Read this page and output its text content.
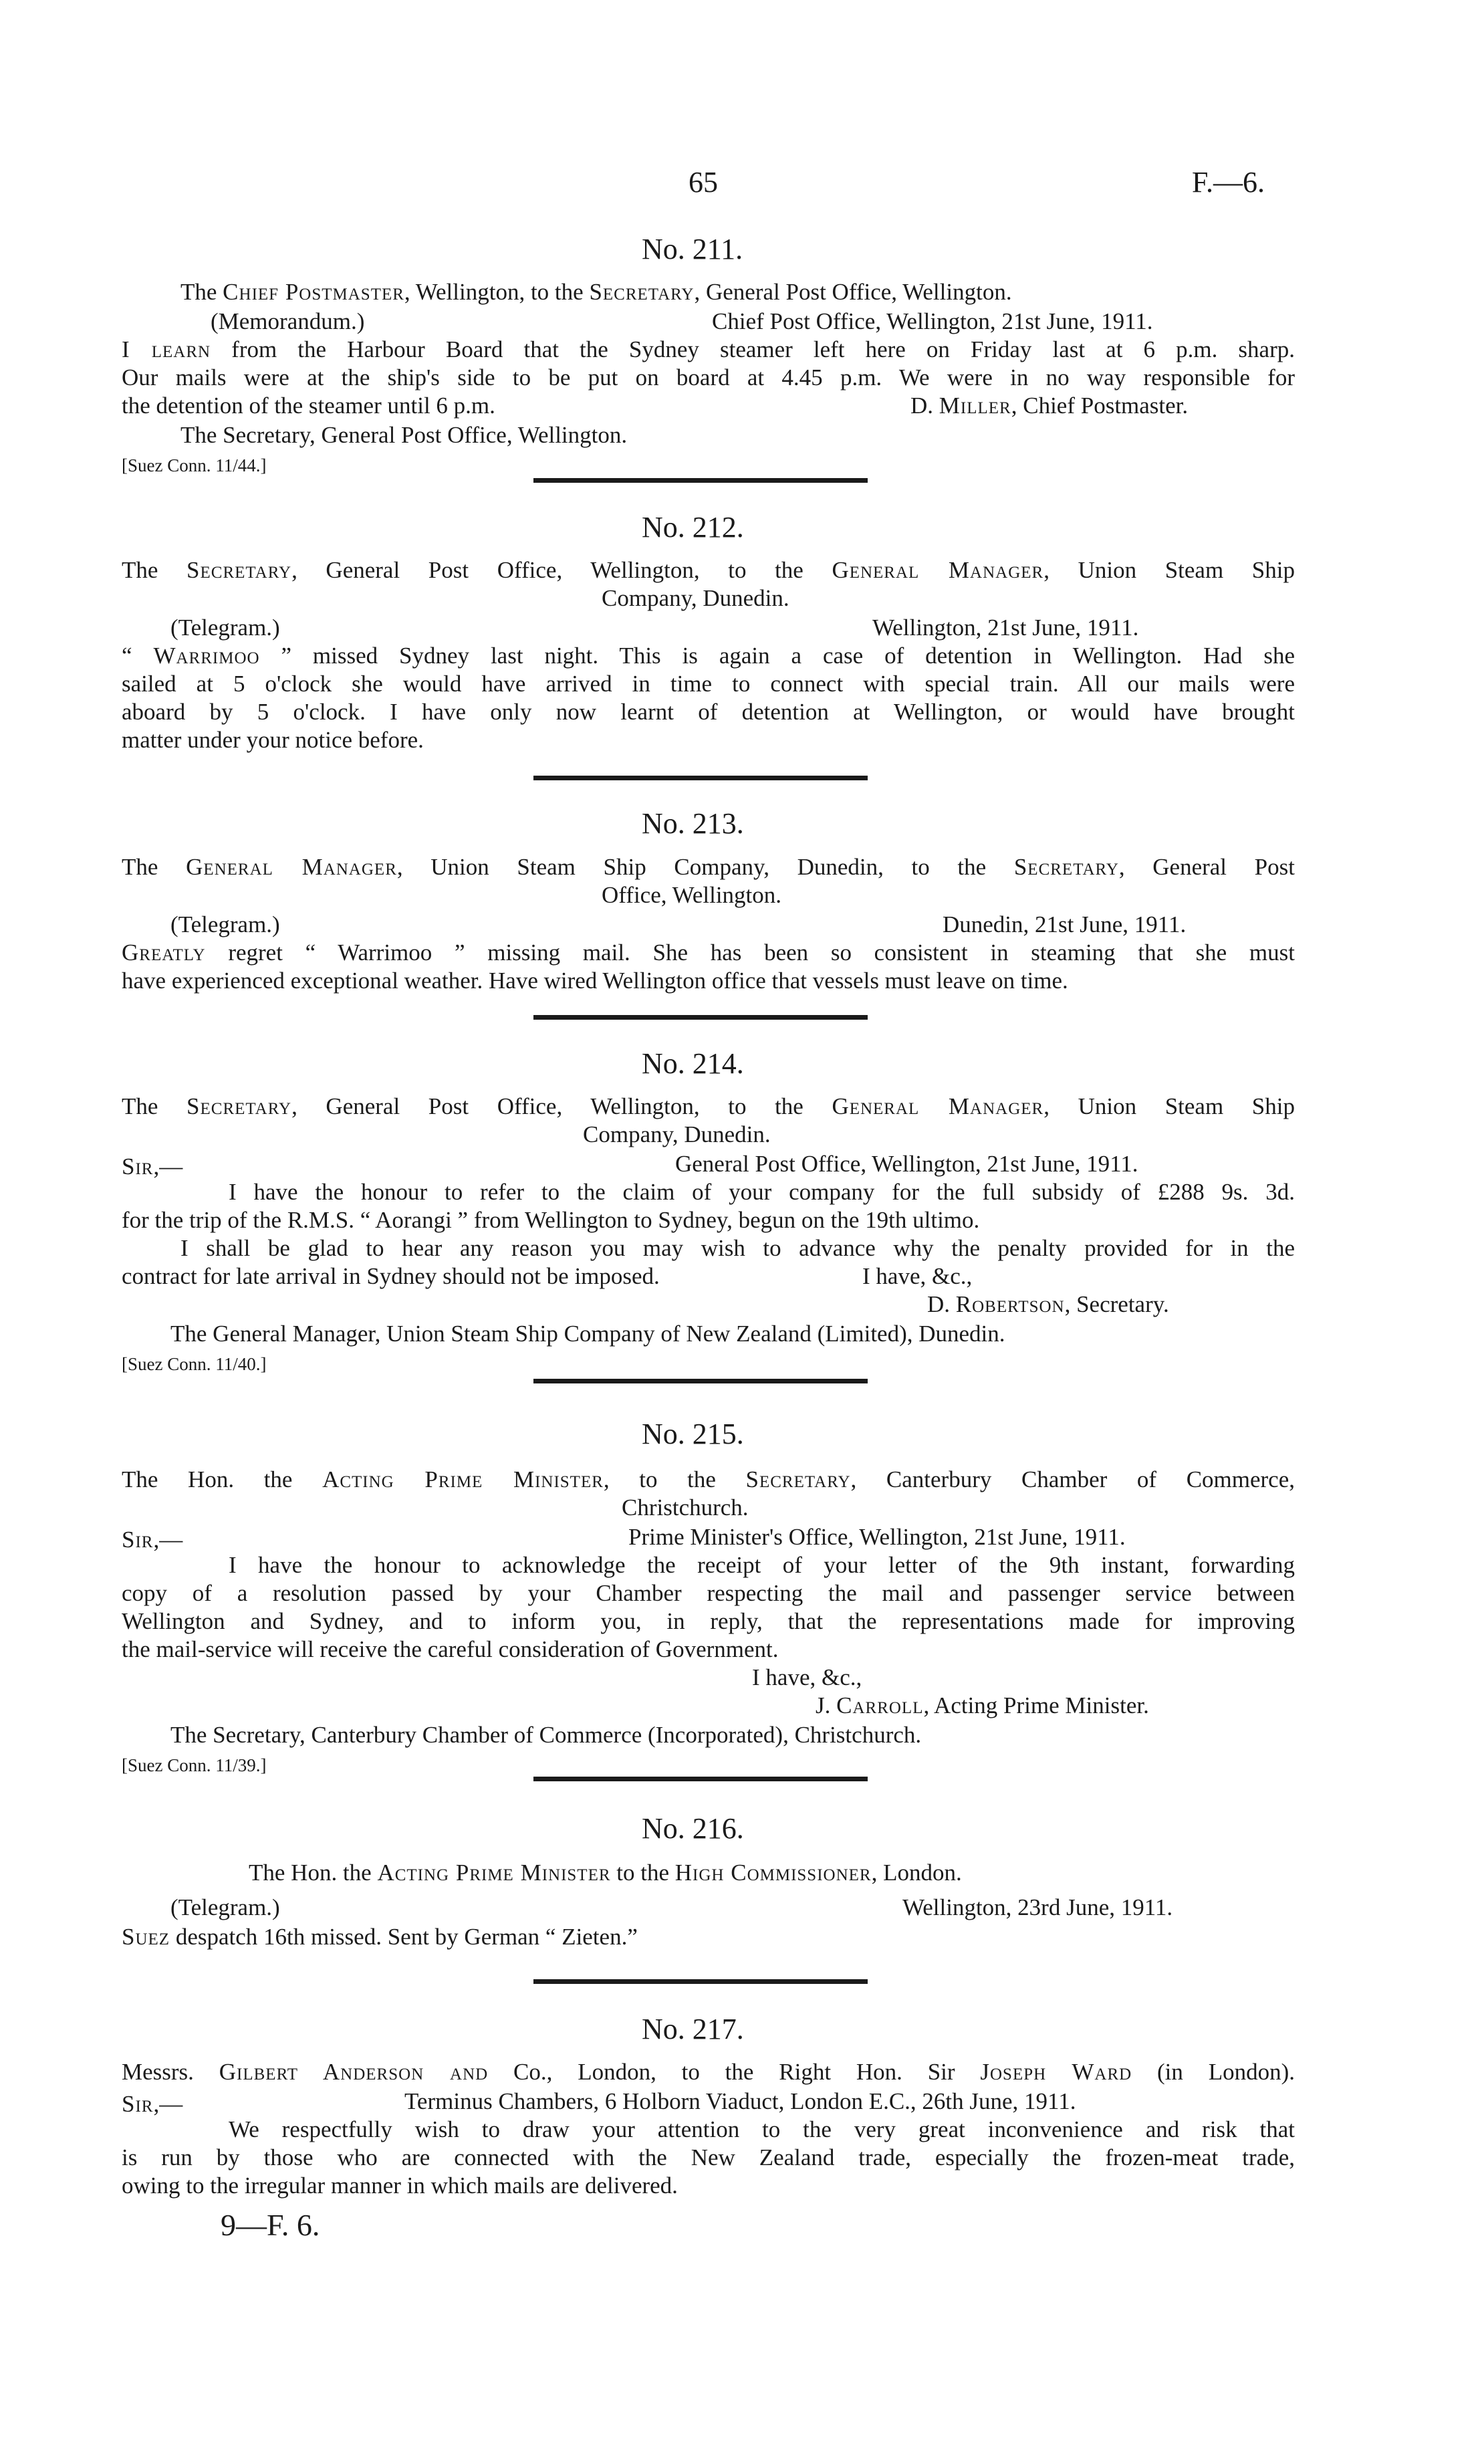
65	F.—6.
No. 211.
The Chief Postmaster, Wellington, to the Secretary, General Post Office, Wellington.
(Memorandum.)	Chief Post Office, Wellington, 21st June, 1911.
I learn from the Harbour Board that the Sydney steamer left here on Friday last at 6 p.m. sharp.
Our mails were at the ship's side to be put on board at 4.45 p.m. We were in no way responsible for
the detention of the steamer until 6 p.m.	D. Miller, Chief Postmaster.
The Secretary, General Post Office, Wellington.
[Suez Conn. 11/44.]
No. 212.
The Secretary, General Post Office, Wellington, to the General Manager, Union Steam Ship
Company, Dunedin.
(Telegram.)	Wellington, 21st June, 1911.
“ Warrimoo ” missed Sydney last night. This is again a case of detention in Wellington. Had she
sailed at 5 o'clock she would have arrived in time to connect with special train. All our mails were
aboard by 5 o'clock. I have only now learnt of detention at Wellington, or would have brought
matter under your notice before.
No. 213.
The General Manager, Union Steam Ship Company, Dunedin, to the Secretary, General Post
Office, Wellington.
(Telegram.)	Dunedin, 21st June, 1911.
Greatly regret “ Warrimoo ” missing mail. She has been so consistent in steaming that she must
have experienced exceptional weather. Have wired Wellington office that vessels must leave on time.
No. 214.
The Secretary, General Post Office, Wellington, to the General Manager, Union Steam Ship
Company, Dunedin.
Sir,—	General Post Office, Wellington, 21st June, 1911.
I have the honour to refer to the claim of your company for the full subsidy of £288 9s. 3d.
for the trip of the R.M.S. “ Aorangi ” from Wellington to Sydney, begun on the 19th ultimo.
I shall be glad to hear any reason you may wish to advance why the penalty provided for in the
contract for late arrival in Sydney should not be imposed.	I have, &c.,
D. Robertson, Secretary.
The General Manager, Union Steam Ship Company of New Zealand (Limited), Dunedin.
[Suez Conn. 11/40.]
No. 215.
The Hon. the Acting Prime Minister, to the Secretary, Canterbury Chamber of Commerce,
Christchurch.
Sir,—	Prime Minister's Office, Wellington, 21st June, 1911.
I have the honour to acknowledge the receipt of your letter of the 9th instant, forwarding
copy of a resolution passed by your Chamber respecting the mail and passenger service between
Wellington and Sydney, and to inform you, in reply, that the representations made for improving
the mail-service will receive the careful consideration of Government.
I have, &c.,
J. Carroll, Acting Prime Minister.
The Secretary, Canterbury Chamber of Commerce (Incorporated), Christchurch.
[Suez Conn. 11/39.]
No. 216.
The Hon. the Acting Prime Minister to the High Commissioner, London.
(Telegram.)	Wellington, 23rd June, 1911.
Suez despatch 16th missed. Sent by German “ Zieten.”
No. 217.
Messrs. Gilbert Anderson and Co., London, to the Right Hon. Sir Joseph Ward (in London).
Sir,—	Terminus Chambers, 6 Holborn Viaduct, London E.C., 26th June, 1911.
We respectfully wish to draw your attention to the very great inconvenience and risk that
is run by those who are connected with the New Zealand trade, especially the frozen-meat trade,
owing to the irregular manner in which mails are delivered.
9—F. 6.
